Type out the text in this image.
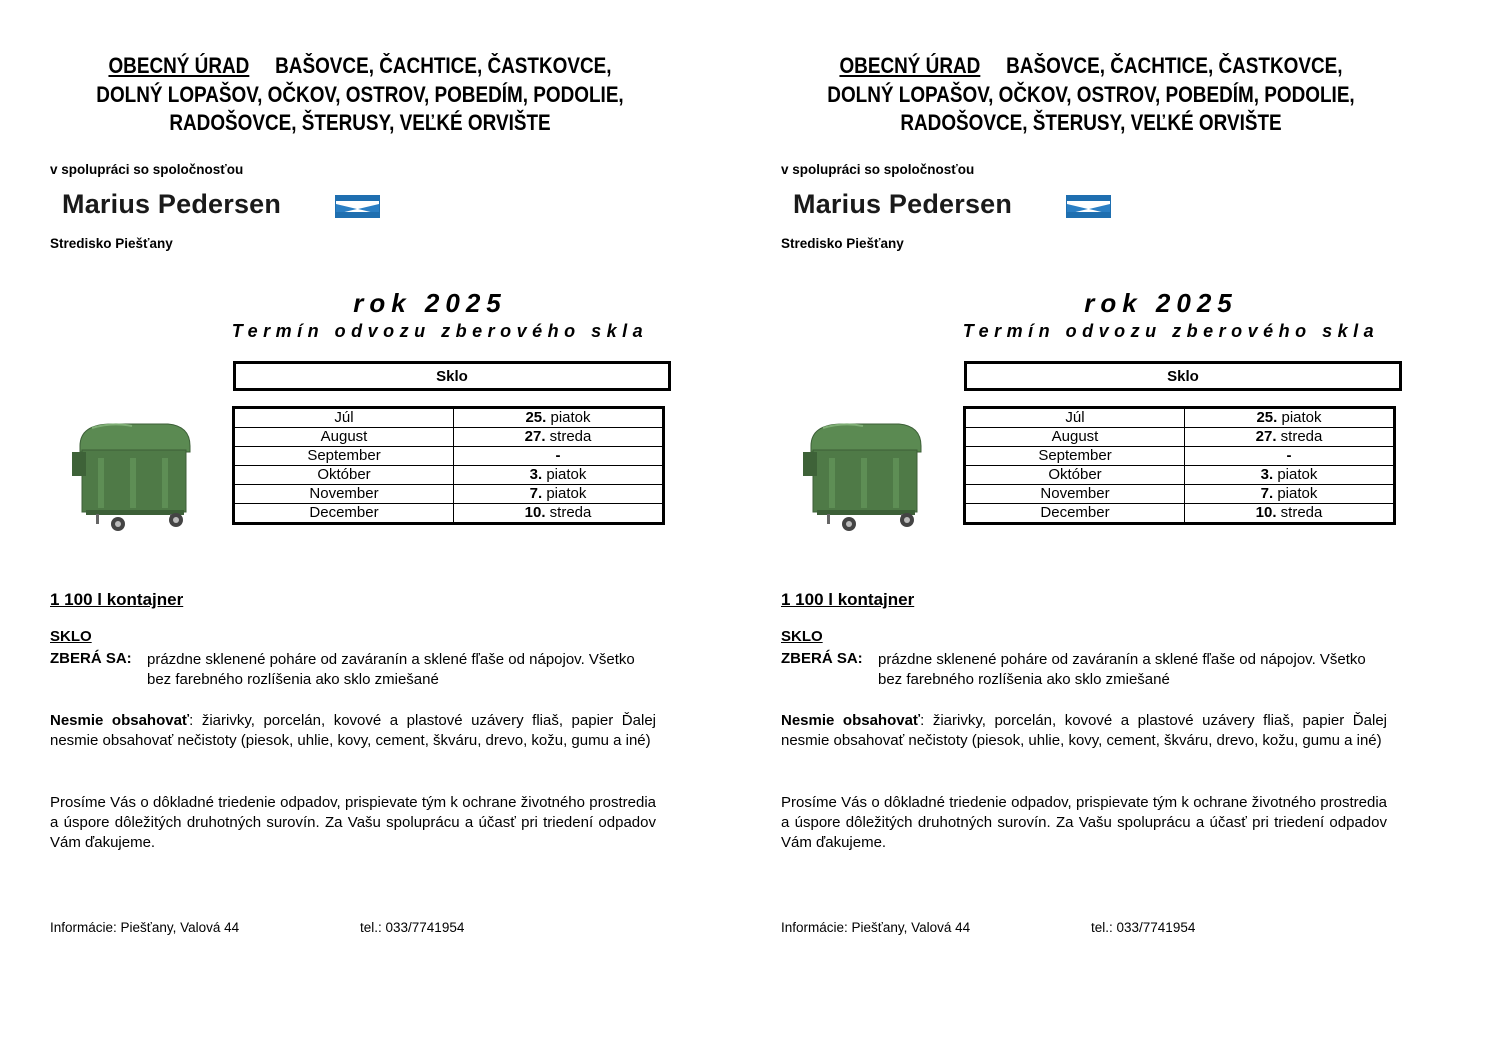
OBECNÝ ÚRAD BAŠOVCE, ČACHTICE, ČASTKOVCE,
DOLNÝ LOPAŠOV, OČKOV, OSTROV, POBEDÍM, PODOLIE,
RADOŠOVCE, ŠTERUSY, VEĽKÉ ORVIŠTE
v spolupráci so spoločnosťou
Marius Pedersen
Stredisko Piešťany
rok 2025
Termín odvozu zberového skla
Sklo
Júl	25. piatok
August	27. streda
September	-
Október	3. piatok
November	7. piatok
December	10. streda
1 100 l kontajner
SKLO
ZBERÁ SA: prázdne sklenené poháre od zaváranín a sklené fľaše od nápojov. Všetko bez farebného rozlíšenia ako sklo zmiešané
Nesmie obsahovať: žiarivky, porcelán, kovové a plastové uzávery fliaš, papier Ďalej nesmie obsahovať nečistoty (piesok, uhlie, kovy, cement, škváru, drevo, kožu, gumu a iné)
Prosíme Vás o dôkladné triedenie odpadov, prispievate tým k ochrane životného prostredia a úspore dôležitých druhotných surovín. Za Vašu spoluprácu a účasť pri triedení odpadov Vám ďakujeme.
Informácie: Piešťany, Valová 44	tel.: 033/7741954
OBECNÝ ÚRAD BAŠOVCE, ČACHTICE, ČASTKOVCE,
DOLNÝ LOPAŠOV, OČKOV, OSTROV, POBEDÍM, PODOLIE,
RADOŠOVCE, ŠTERUSY, VEĽKÉ ORVIŠTE
v spolupráci so spoločnosťou
Marius Pedersen
Stredisko Piešťany
rok 2025
Termín odvozu zberového skla
Sklo
Júl	25. piatok
August	27. streda
September	-
Október	3. piatok
November	7. piatok
December	10. streda
1 100 l kontajner
SKLO
ZBERÁ SA: prázdne sklenené poháre od zaváranín a sklené fľaše od nápojov. Všetko bez farebného rozlíšenia ako sklo zmiešané
Nesmie obsahovať: žiarivky, porcelán, kovové a plastové uzávery fliaš, papier Ďalej nesmie obsahovať nečistoty (piesok, uhlie, kovy, cement, škváru, drevo, kožu, gumu a iné)
Prosíme Vás o dôkladné triedenie odpadov, prispievate tým k ochrane životného prostredia a úspore dôležitých druhotných surovín. Za Vašu spoluprácu a účasť pri triedení odpadov Vám ďakujeme.
Informácie: Piešťany, Valová 44	tel.: 033/7741954
